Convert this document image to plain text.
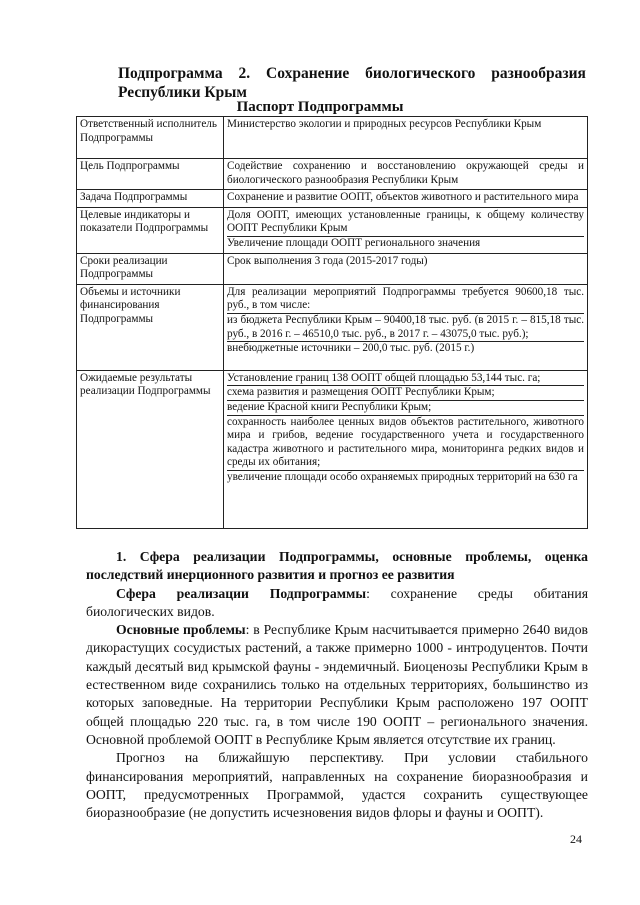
Подпрограмма 2. Сохранение биологического разнообразия
Республики Крым
Паспорт Подпрограммы
Ответственный исполнитель Подпрограммы	Министерство экологии и природных ресурсов Республики Крым

Цель Подпрограммы	Содействие сохранению и восстановлению окружающей среды и биологического разнообразия Республики Крым

Задача Подпрограммы	Сохранение и развитие ООПТ, объектов животного и растительного мира

Целевые индикаторы и показатели Подпрограммы	Доля ООПТ, имеющих установленные границы, к общему количеству ООПТ Республики Крым
Увеличение площади ООПТ регионального значения

Сроки реализации Подпрограммы	Срок выполнения 3 года (2015-2017 годы)

Объемы и источники финансирования Подпрограммы	Для реализации мероприятий Подпрограммы требуется 90600,18 тыс. руб., в том числе:
из бюджета Республики Крым – 90400,18 тыс. руб. (в 2015 г. – 815,18 тыс. руб., в 2016 г. – 46510,0 тыс. руб., в 2017 г. – 43075,0 тыс. руб.);
внебюджетные источники – 200,0 тыс. руб. (2015 г.)

Ожидаемые результаты реализации Подпрограммы	Установление границ 138 ООПТ общей площадью 53,144 тыс. га;
схема развития и размещения ООПТ Республики Крым;
ведение Красной книги Республики Крым;
сохранность наиболее ценных видов объектов растительного, животного мира и грибов, ведение государственного учета и государственного кадастра животного и растительного мира, мониторинга редких видов и среды их обитания;
увеличение площади особо охраняемых природных территорий на 630 га

1. Сфера реализации Подпрограммы, основные проблемы, оценка последствий инерционного развития и прогноз ее развития

Сфера реализации Подпрограммы: сохранение среды обитания биологических видов.

Основные проблемы: в Республике Крым насчитывается примерно 2640 видов дикорастущих сосудистых растений, а также примерно 1000 - интродуцентов. Почти каждый десятый вид крымской фауны - эндемичный. Биоценозы Республики Крым в естественном виде сохранились только на отдельных территориях, большинство из которых заповедные. На территории Республики Крым расположено 197 ООПТ общей площадью 220 тыс. га, в том числе 190 ООПТ – регионального значения. Основной проблемой ООПТ в Республике Крым является отсутствие их границ.

Прогноз на ближайшую перспективу. При условии стабильного финансирования мероприятий, направленных на сохранение биоразнообразия и ООПТ, предусмотренных Программой, удастся сохранить существующее биоразнообразие (не допустить исчезновения видов флоры и фауны и ООПТ).

24
